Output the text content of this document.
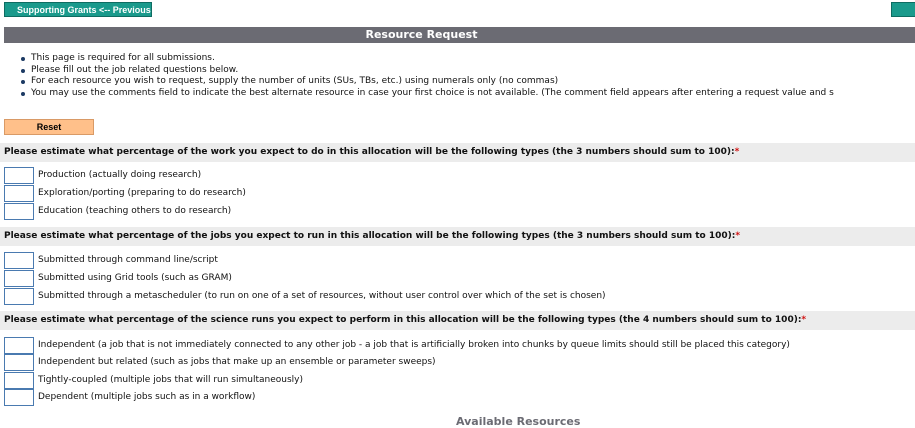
Supporting Grants <-- Previous
Resource Request
This page is required for all submissions.
Please fill out the job related questions below.
For each resource you wish to request, supply the number of units (SUs, TBs, etc.) using numerals only (no commas)
You may use the comments field to indicate the best alternate resource in case your first choice is not available. (The comment field appears after entering a request value and s
Reset
Please estimate what percentage of the work you expect to do in this allocation will be the following types (the 3 numbers should sum to 100):*
Production (actually doing research)
Exploration/porting (preparing to do research)
Education (teaching others to do research)
Please estimate what percentage of the jobs you expect to run in this allocation will be the following types (the 3 numbers should sum to 100):*
Submitted through command line/script
Submitted using Grid tools (such as GRAM)
Submitted through a metascheduler (to run on one of a set of resources, without user control over which of the set is chosen)
Please estimate what percentage of the science runs you expect to perform in this allocation will be the following types (the 4 numbers should sum to 100):*
Independent (a job that is not immediately connected to any other job - a job that is artificially broken into chunks by queue limits should still be placed this category)
Independent but related (such as jobs that make up an ensemble or parameter sweeps)
Tightly-coupled (multiple jobs that will run simultaneously)
Dependent (multiple jobs such as in a workflow)
Available Resources
